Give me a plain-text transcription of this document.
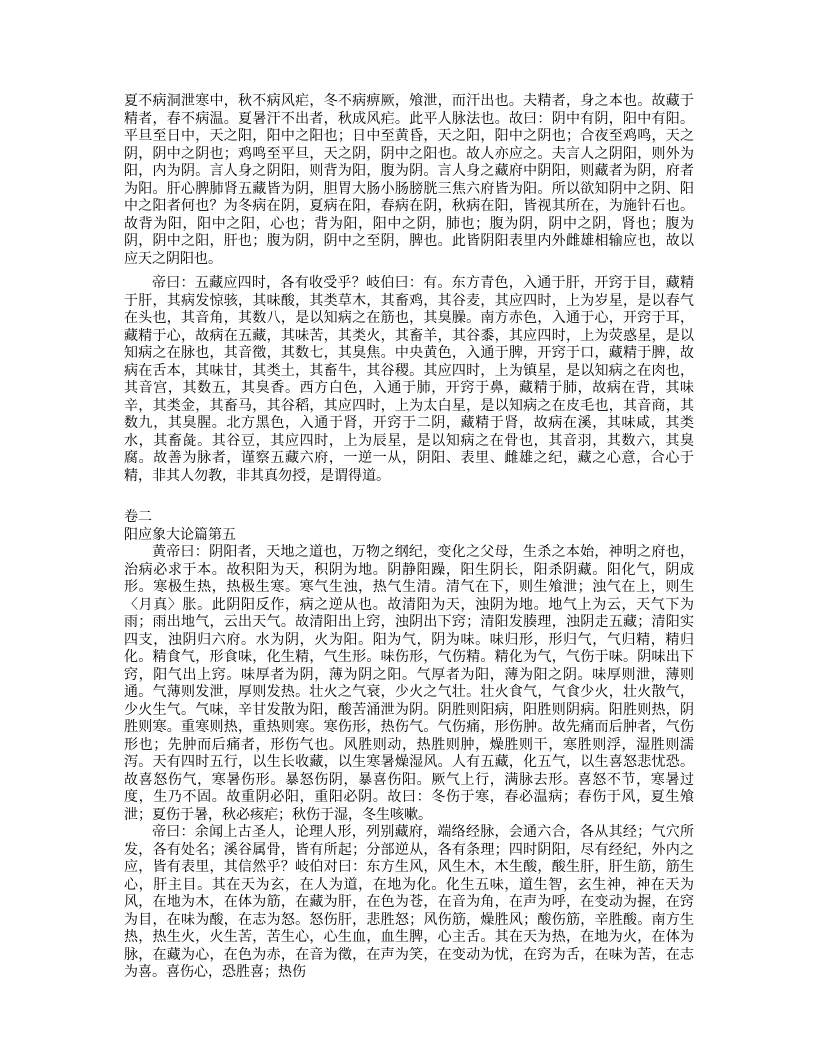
夏不病洞泄寒中，秋不病风疟，冬不病痹厥，飧泄，而汗出也。夫精者，身之本也。故藏于精者，春不病温。夏暑汗不出者，秋成风疟。此平人脉法也。故曰：阴中有阴，阳中有阳。平旦至日中，天之阳，阳中之阳也；日中至黄昏，天之阳，阳中之阴也；合夜至鸡鸣，天之阴，阴中之阴也；鸡鸣至平旦，天之阴，阴中之阳也。故人亦应之。夫言人之阴阳，则外为阳，内为阴。言人身之阴阳，则背为阳，腹为阴。言人身之藏府中阴阳，则藏者为阴，府者为阳。肝心脾肺肾五藏皆为阴，胆胃大肠小肠膀胱三焦六府皆为阳。所以欲知阴中之阴、阳中之阳者何也？为冬病在阴，夏病在阳，春病在阴，秋病在阳，皆视其所在，为施针石也。故背为阳，阳中之阳，心也；背为阳，阳中之阴，肺也；腹为阴，阴中之阴，肾也；腹为阴，阴中之阳，肝也；腹为阴，阴中之至阴，脾也。此皆阴阳表里内外雌雄相输应也，故以应天之阴阳也。

帝曰：五藏应四时，各有收受乎？岐伯曰：有。东方青色，入通于肝，开窍于目，藏精于肝，其病发惊骇，其味酸，其类草木，其畜鸡，其谷麦，其应四时，上为岁星，是以春气在头也，其音角，其数八，是以知病之在筋也，其臭臊。南方赤色，入通于心，开窍于耳，藏精于心，故病在五藏，其味苦，其类火，其畜羊，其谷黍，其应四时，上为荧惑星，是以知病之在脉也，其音徵，其数七，其臭焦。中央黄色，入通于脾，开窍于口，藏精于脾，故病在舌本，其味甘，其类土，其畜牛，其谷稷。其应四时，上为镇星，是以知病之在肉也，其音宫，其数五，其臭香。西方白色，入通于肺，开窍于鼻，藏精于肺，故病在背，其味辛，其类金，其畜马，其谷稻，其应四时，上为太白星，是以知病之在皮毛也，其音商，其数九，其臭腥。北方黑色，入通于肾，开窍于二阴，藏精于肾，故病在溪，其味咸，其类水，其畜彘。其谷豆，其应四时，上为辰星，是以知病之在骨也，其音羽，其数六，其臭腐。故善为脉者，谨察五藏六府，一逆一从，阴阳、表里、雌雄之纪，藏之心意，合心于精，非其人勿教，非其真勿授，是谓得道。

卷二

阳应象大论篇第五

黄帝曰：阴阳者，天地之道也，万物之纲纪，变化之父母，生杀之本始，神明之府也，治病必求于本。故积阳为天，积阴为地。阴静阳躁，阳生阴长，阳杀阴藏。阳化气，阴成形。寒极生热，热极生寒。寒气生浊，热气生清。清气在下，则生飧泄；浊气在上，则生〈月真〉胀。此阴阳反作，病之逆从也。故清阳为天，浊阴为地。地气上为云，天气下为雨；雨出地气，云出天气。故清阳出上窍，浊阴出下窍；清阳发腠理，浊阴走五藏；清阳实四支，浊阴归六府。水为阴，火为阳。阳为气，阴为味。味归形，形归气，气归精，精归化。精食气，形食味，化生精，气生形。味伤形，气伤精。精化为气，气伤于味。阴味出下窍，阳气出上窍。味厚者为阴，薄为阴之阳。气厚者为阳，薄为阳之阴。味厚则泄，薄则通。气薄则发泄，厚则发热。壮火之气衰，少火之气壮。壮火食气，气食少火，壮火散气，少火生气。气味，辛甘发散为阳，酸苦涌泄为阴。阴胜则阳病，阳胜则阴病。阳胜则热，阴胜则寒。重寒则热，重热则寒。寒伤形，热伤气。气伤痛，形伤肿。故先痛而后肿者，气伤形也；先肿而后痛者，形伤气也。风胜则动，热胜则肿，燥胜则干，寒胜则浮，湿胜则濡泻。天有四时五行，以生长收藏，以生寒暑燥湿风。人有五藏，化五气，以生喜怒悲忧恐。故喜怒伤气，寒暑伤形。暴怒伤阴，暴喜伤阳。厥气上行，满脉去形。喜怒不节，寒暑过度，生乃不固。故重阴必阳，重阳必阴。故曰：冬伤于寒，春必温病；春伤于风，夏生飧泄；夏伤于暑，秋必痎疟；秋伤于湿，冬生咳嗽。

帝曰：余闻上古圣人，论理人形，列别藏府，端络经脉，会通六合，各从其经；气穴所发，各有处名；溪谷属骨，皆有所起；分部逆从，各有条理；四时阴阳，尽有经纪，外内之应，皆有表里，其信然乎？岐伯对曰：东方生风，风生木，木生酸，酸生肝，肝生筋，筋生心，肝主目。其在天为玄，在人为道，在地为化。化生五味，道生智，玄生神，神在天为风，在地为木，在体为筋，在藏为肝，在色为苍，在音为角，在声为呼，在变动为握，在窍为目，在味为酸，在志为怒。怒伤肝，悲胜怒；风伤筋，燥胜风；酸伤筋，辛胜酸。南方生热，热生火，火生苦，苦生心，心生血，血生脾，心主舌。其在天为热，在地为火，在体为脉，在藏为心，在色为赤，在音为徵，在声为笑，在变动为忧，在窍为舌，在味为苦，在志为喜。喜伤心，恐胜喜；热伤
